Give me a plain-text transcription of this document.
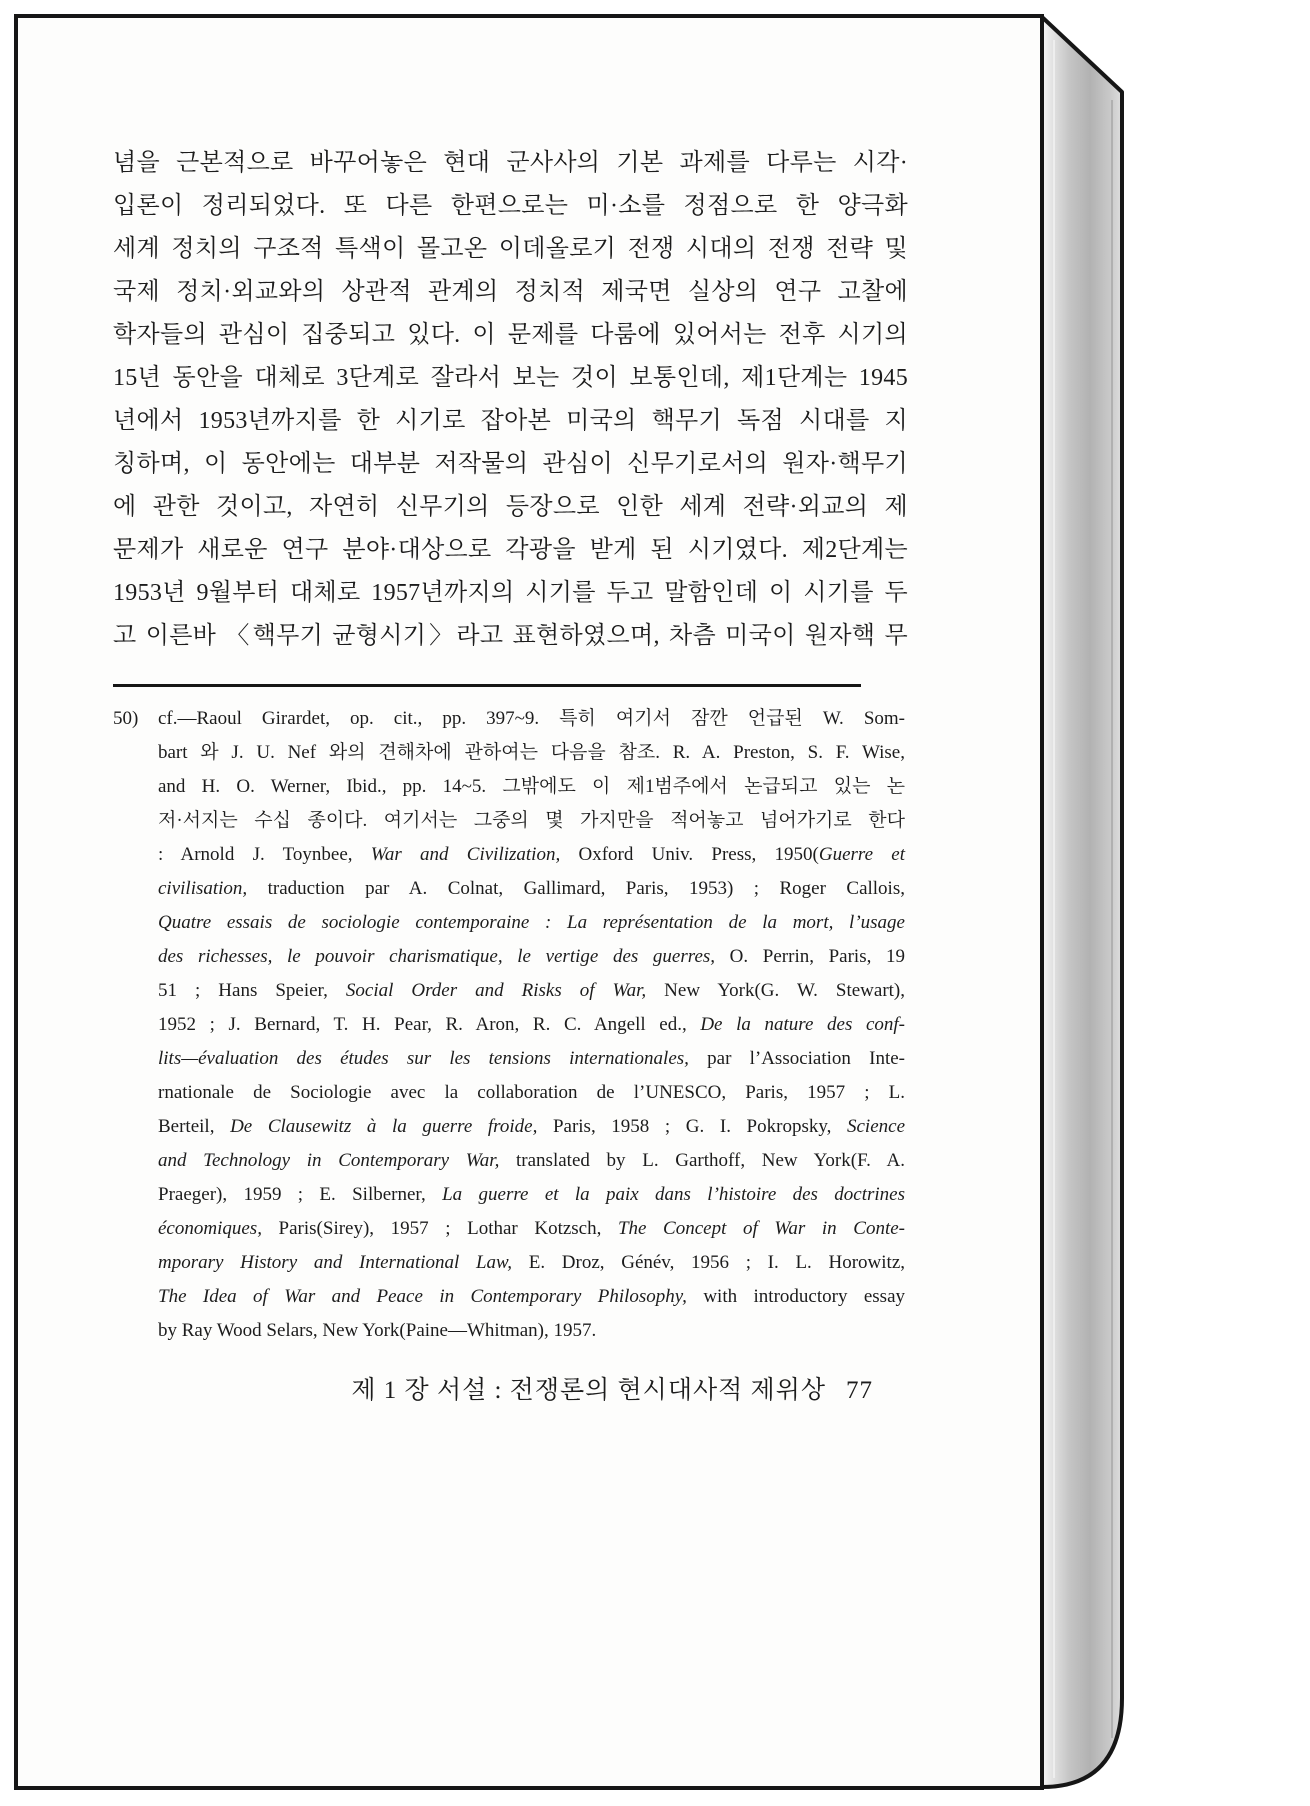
념을 근본적으로 바꾸어놓은 현대 군사사의 기본 과제를 다루는 시각·
입론이 정리되었다. 또 다른 한편으로는 미·소를 정점으로 한 양극화
세계 정치의 구조적 특색이 몰고온 이데올로기 전쟁 시대의 전쟁 전략 및
국제 정치·외교와의 상관적 관계의 정치적 제국면 실상의 연구 고찰에
학자들의 관심이 집중되고 있다. 이 문제를 다룸에 있어서는 전후 시기의
15년 동안을 대체로 3단계로 잘라서 보는 것이 보통인데, 제1단계는 1945
년에서 1953년까지를 한 시기로 잡아본 미국의 핵무기 독점 시대를 지
칭하며, 이 동안에는 대부분 저작물의 관심이 신무기로서의 원자·핵무기
에 관한 것이고, 자연히 신무기의 등장으로 인한 세계 전략·외교의 제
문제가 새로운 연구 분야·대상으로 각광을 받게 된 시기였다. 제2단계는
1953년 9월부터 대체로 1957년까지의 시기를 두고 말함인데 이 시기를 두
고 이른바 〈핵무기 균형시기〉라고 표현하였으며, 차츰 미국이 원자핵 무
50)	cf.—Raoul Girardet, op. cit., pp. 397~9. 특히 여기서 잠깐 언급된 W. Som-
bart 와 J. U. Nef 와의 견해차에 관하여는 다음을 참조. R. A. Preston, S. F. Wise,
and H. O. Werner, Ibid., pp. 14~5. 그밖에도 이 제1범주에서 논급되고 있는 논
저·서지는 수십 종이다. 여기서는 그중의 몇 가지만을 적어놓고 넘어가기로 한다
: Arnold J. Toynbee, War and Civilization, Oxford Univ. Press, 1950(Guerre et
civilisation, traduction par A. Colnat, Gallimard, Paris, 1953) ; Roger Callois,
Quatre essais de sociologie contemporaine : La représentation de la mort, l’usage
des richesses, le pouvoir charismatique, le vertige des guerres, O. Perrin, Paris, 19
51 ; Hans Speier, Social Order and Risks of War, New York(G. W. Stewart),
1952 ; J. Bernard, T. H. Pear, R. Aron, R. C. Angell ed., De la nature des conf-
lits—évaluation des études sur les tensions internationales, par l’Association Inte-
rnationale de Sociologie avec la collaboration de l’UNESCO, Paris, 1957 ; L.
Berteil, De Clausewitz à la guerre froide, Paris, 1958 ; G. I. Pokropsky, Science
and Technology in Contemporary War, translated by L. Garthoff, New York(F. A.
Praeger), 1959 ; E. Silberner, La guerre et la paix dans l’histoire des doctrines
économiques, Paris(Sirey), 1957 ; Lothar Kotzsch, The Concept of War in Conte-
mporary History and International Law, E. Droz, Génév, 1956 ; I. L. Horowitz,
The Idea of War and Peace in Contemporary Philosophy, with introductory essay
by Ray Wood Selars, New York(Paine—Whitman), 1957.
제 1 장 서설 : 전쟁론의 현시대사적 제위상 77
